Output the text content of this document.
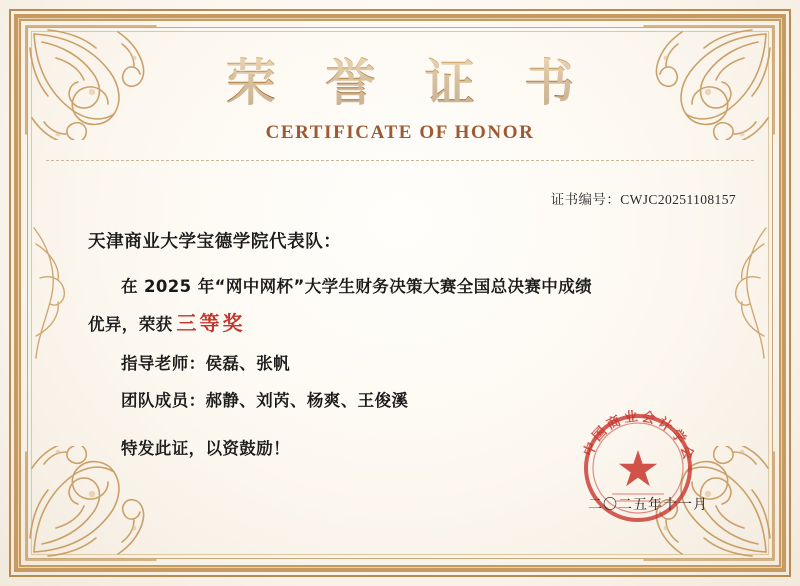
荣 誉 证 书
CERTIFICATE OF HONOR
证书编号：CWJC20251108157
天津商业大学宝德学院代表队：
在 2025 年“网中网杯”大学生财务决策大赛全国总决赛中成绩
优异，荣获 三等奖
指导老师：侯磊、张帆
团队成员：郝静、刘芮、杨爽、王俊溪
特发此证，以资鼓励！	中国商业会计学会
二〇二五年十一月
